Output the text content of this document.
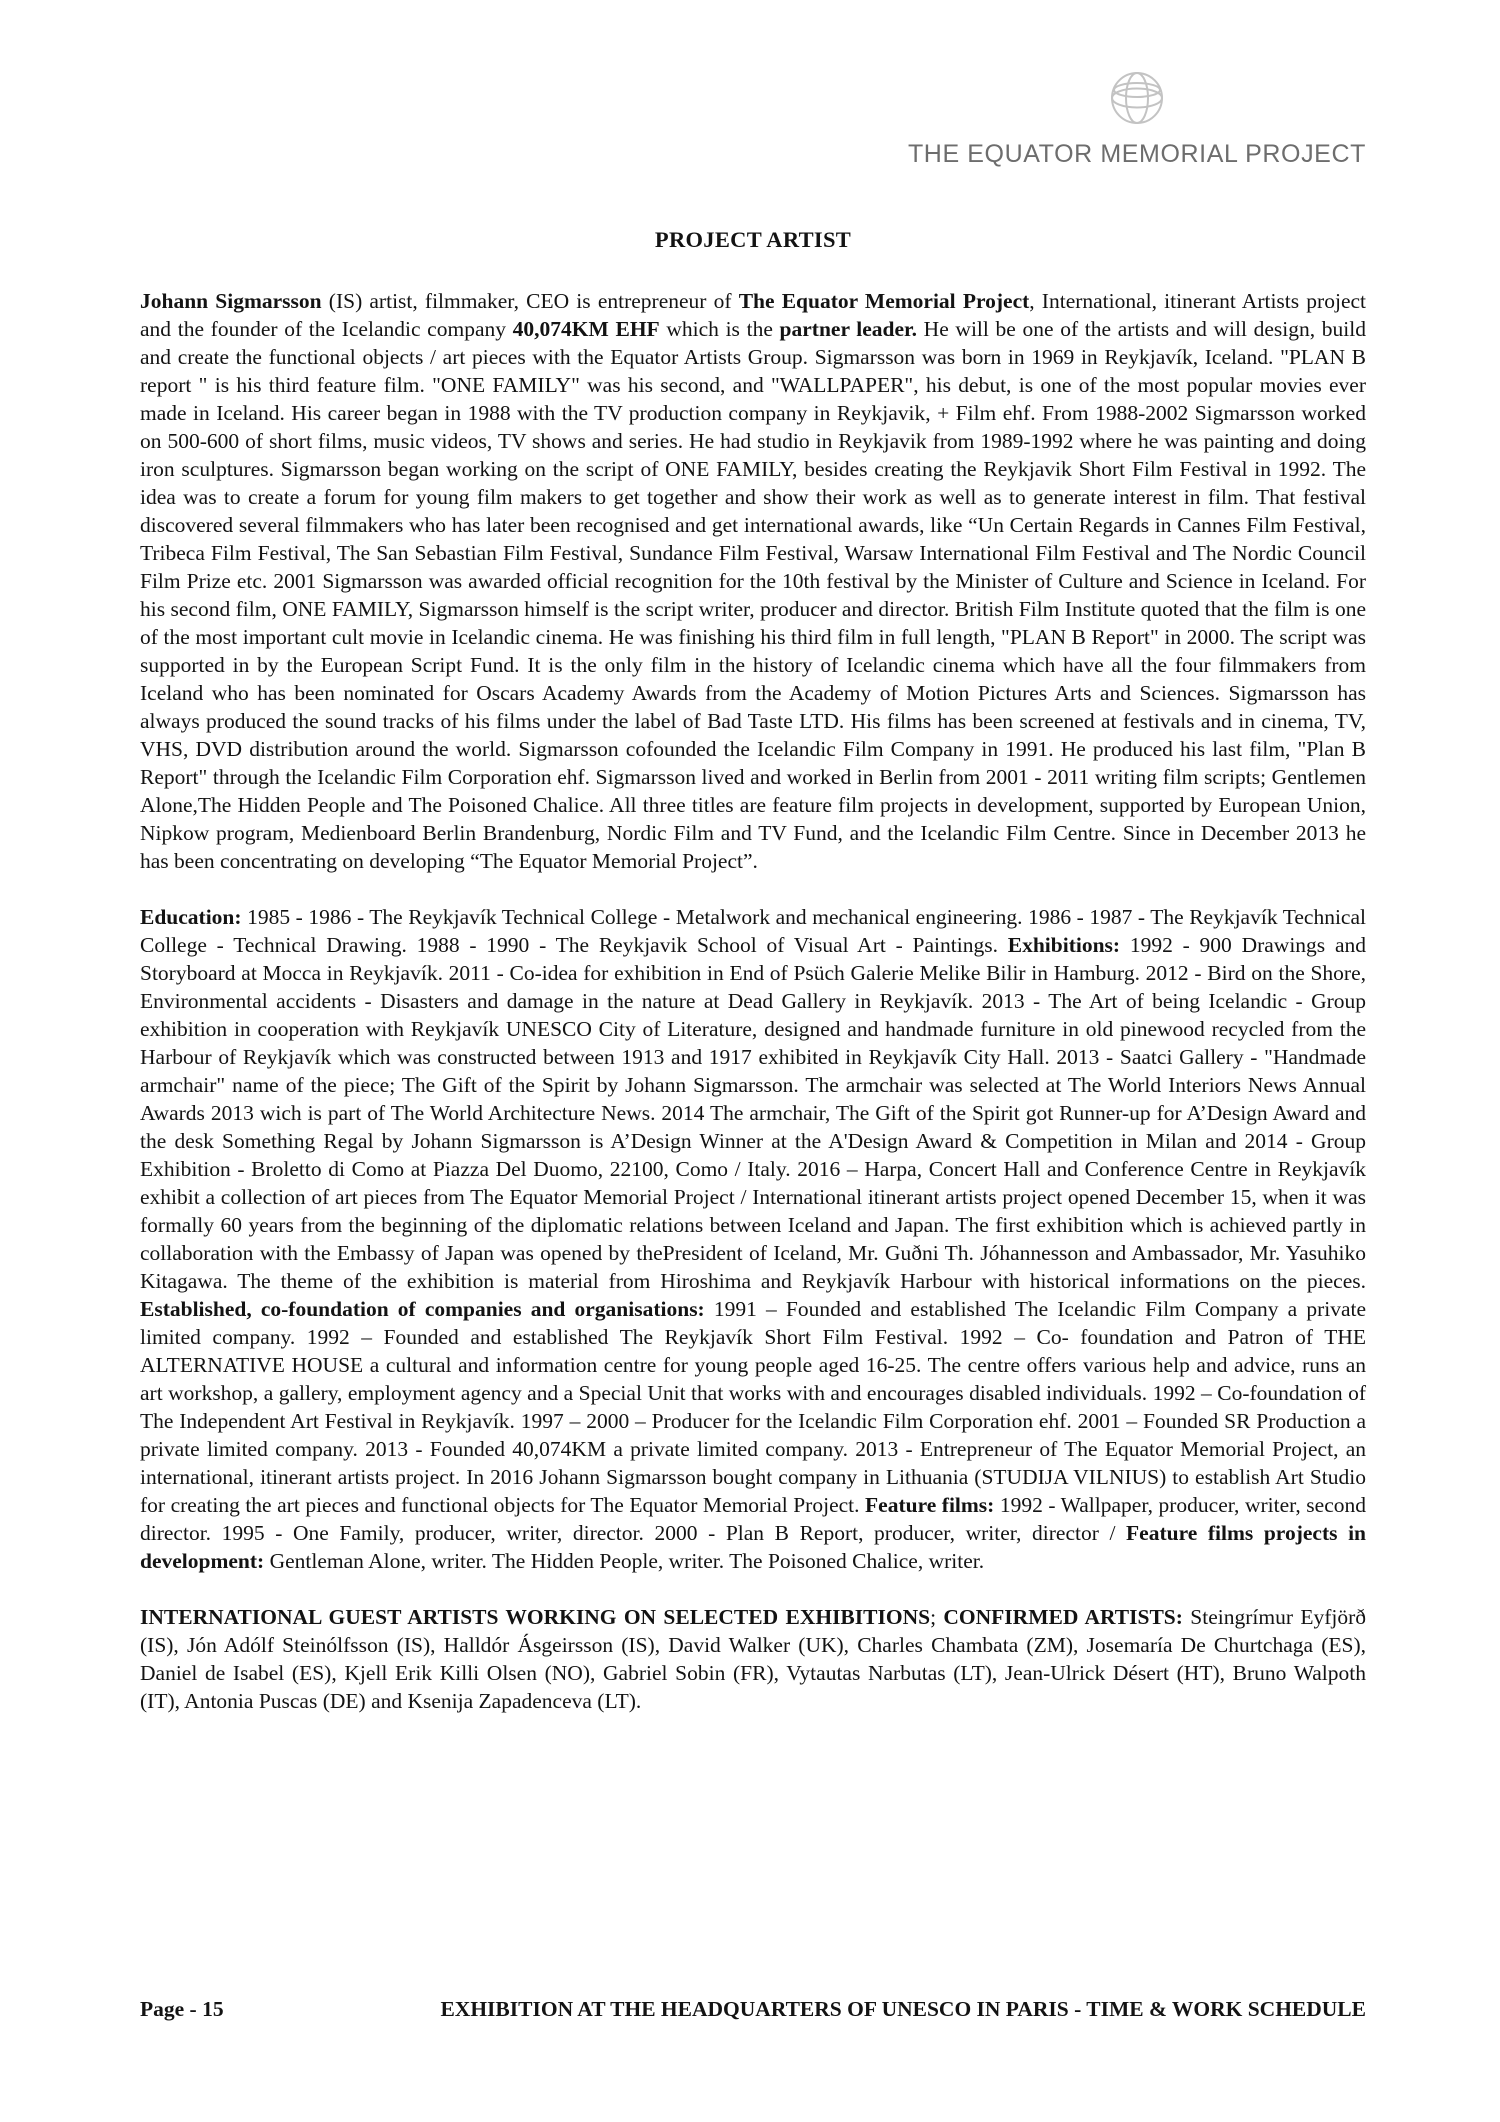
THE EQUATOR MEMORIAL PROJECT
PROJECT ARTIST

Johann Sigmarsson (IS) artist, filmmaker, CEO is entrepreneur of The Equator Memorial Project, International, itinerant Artists project and the founder of the Icelandic company 40,074KM EHF which is the partner leader. He will be one of the artists and will design, build and create the functional objects / art pieces with the Equator Artists Group. Sigmarsson was born in 1969 in Reykjavík, Iceland. "PLAN B report " is his third feature film. "ONE FAMILY" was his second, and "WALLPAPER", his debut, is one of the most popular movies ever made in Iceland. His career began in 1988 with the TV production company in Reykjavik, + Film ehf. From 1988-2002 Sigmarsson worked on 500-600 of short films, music videos, TV shows and series. He had studio in Reykjavik from 1989-1992 where he was painting and doing iron sculptures. Sigmarsson began working on the script of ONE FAMILY, besides creating the Reykjavik Short Film Festival in 1992. The idea was to create a forum for young film makers to get together and show their work as well as to generate interest in film. That festival discovered several filmmakers who has later been recognised and get international awards, like “Un Certain Regards in Cannes Film Festival, Tribeca Film Festival, The San Sebastian Film Festival, Sundance Film Festival, Warsaw International Film Festival and The Nordic Council Film Prize etc. 2001 Sigmarsson was awarded official recognition for the 10th festival by the Minister of Culture and Science in Iceland. For his second film, ONE FAMILY, Sigmarsson himself is the script writer, producer and director. British Film Institute quoted that the film is one of the most important cult movie in Icelandic cinema. He was finishing his third film in full length, "PLAN B Report" in 2000. The script was supported in by the European Script Fund. It is the only film in the history of Icelandic cinema which have all the four filmmakers from Iceland who has been nominated for Oscars Academy Awards from the Academy of Motion Pictures Arts and Sciences. Sigmarsson has always produced the sound tracks of his films under the label of Bad Taste LTD. His films has been screened at festivals and in cinema, TV, VHS, DVD distribution around the world. Sigmarsson cofounded the Icelandic Film Company in 1991. He produced his last film, "Plan B Report" through the Icelandic Film Corporation ehf. Sigmarsson lived and worked in Berlin from 2001 - 2011 writing film scripts; Gentlemen Alone,The Hidden People and The Poisoned Chalice. All three titles are feature film projects in development, supported by European Union, Nipkow program, Medienboard Berlin Brandenburg, Nordic Film and TV Fund, and the Icelandic Film Centre. Since in December 2013 he has been concentrating on developing “The Equator Memorial Project”.

Education: 1985 - 1986 - The Reykjavík Technical College - Metalwork and mechanical engineering. 1986 - 1987 - The Reykjavík Technical College - Technical Drawing. 1988 - 1990 - The Reykjavik School of Visual Art - Paintings. Exhibitions: 1992 - 900 Drawings and Storyboard at Mocca in Reykjavík. 2011 - Co-idea for exhibition in End of Psüch Galerie Melike Bilir in Hamburg. 2012 - Bird on the Shore, Environmental accidents - Disasters and damage in the nature at Dead Gallery in Reykjavík. 2013 - The Art of being Icelandic - Group exhibition in cooperation with Reykjavík UNESCO City of Literature, designed and handmade furniture in old pinewood recycled from the Harbour of Reykjavík which was constructed between 1913 and 1917 exhibited in Reykjavík City Hall. 2013 - Saatci Gallery - "Handmade armchair" name of the piece; The Gift of the Spirit by Johann Sigmarsson. The armchair was selected at The World Interiors News Annual Awards 2013 wich is part of The World Architecture News. 2014 The armchair, The Gift of the Spirit got Runner-up for A’Design Award and the desk Something Regal by Johann Sigmarsson is A’Design Winner at the A'Design Award & Competition in Milan and 2014 - Group Exhibition - Broletto di Como at Piazza Del Duomo, 22100, Como / Italy. 2016 – Harpa, Concert Hall and Conference Centre in Reykjavík exhibit a collection of art pieces from The Equator Memorial Project / International itinerant artists project opened December 15, when it was formally 60 years from the beginning of the diplomatic relations between Iceland and Japan. The first exhibition which is achieved partly in collaboration with the Embassy of Japan was opened by thePresident of Iceland, Mr. Guðni Th. Jóhannesson and Ambassador, Mr. Yasuhiko Kitagawa. The theme of the exhibition is material from Hiroshima and Reykjavík Harbour with historical informations on the pieces. Established, co-foundation of companies and organisations: 1991 – Founded and established The Icelandic Film Company a private limited company. 1992 – Founded and established The Reykjavík Short Film Festival. 1992 – Co- foundation and Patron of THE ALTERNATIVE HOUSE a cultural and information centre for young people aged 16-25. The centre offers various help and advice, runs an art workshop, a gallery, employment agency and a Special Unit that works with and encourages disabled individuals. 1992 – Co-foundation of The Independent Art Festival in Reykjavík. 1997 – 2000 – Producer for the Icelandic Film Corporation ehf. 2001 – Founded SR Production a private limited company. 2013 - Founded 40,074KM a private limited company. 2013 - Entrepreneur of The Equator Memorial Project, an international, itinerant artists project. In 2016 Johann Sigmarsson bought company in Lithuania (STUDIJA VILNIUS) to establish Art Studio for creating the art pieces and functional objects for The Equator Memorial Project. Feature films: 1992 - Wallpaper, producer, writer, second director. 1995 - One Family, producer, writer, director. 2000 - Plan B Report, producer, writer, director / Feature films projects in development: Gentleman Alone, writer. The Hidden People, writer. The Poisoned Chalice, writer.

INTERNATIONAL GUEST ARTISTS WORKING ON SELECTED EXHIBITIONS; CONFIRMED ARTISTS: Steingrímur Eyfjörð (IS), Jón Adólf Steinólfsson (IS), Halldór Ásgeirsson (IS), David Walker (UK), Charles Chambata (ZM), Josemaría De Churtchaga (ES), Daniel de Isabel (ES), Kjell Erik Killi Olsen (NO), Gabriel Sobin (FR), Vytautas Narbutas (LT), Jean-Ulrick Désert (HT), Bruno Walpoth (IT), Antonia Puscas (DE) and Ksenija Zapadenceva (LT).

Page - 15	EXHIBITION AT THE HEADQUARTERS OF UNESCO IN PARIS - TIME & WORK SCHEDULE
